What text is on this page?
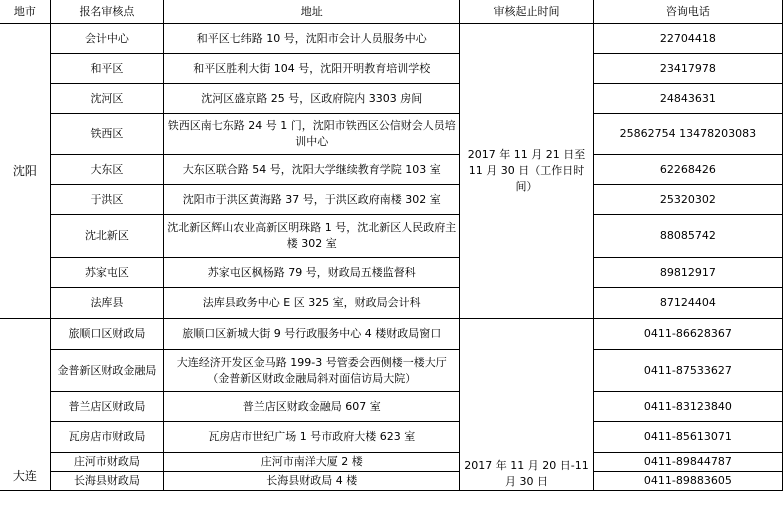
地市	报名审核点	地址	审核起止时间	咨询电话
沈阳	会计中心	和平区七纬路 10 号，沈阳市会计人员服务中心	2017 年 11 月 21 日至 11 月 30 日（工作日时间）	22704418
	和平区	和平区胜利大街 104 号，沈阳开明教育培训学校		23417978
	沈河区	沈河区盛京路 25 号，区政府院内 3303 房间		24843631
	铁西区	铁西区南七东路 24 号 1 门，沈阳市铁西区公信财会人员培训中心		25862754 13478203083
	大东区	大东区联合路 54 号，沈阳大学继续教育学院 103 室		62268426
	于洪区	沈阳市于洪区黄海路 37 号，于洪区政府南楼 302 室		25320302
	沈北新区	沈北新区辉山农业高新区明珠路 1 号，沈北新区人民政府主楼 302 室		88085742
	苏家屯区	苏家屯区枫杨路 79 号，财政局五楼监督科		89812917
	法库县	法库县政务中心 E 区 325 室，财政局会计科		87124404
大连	旅顺口区财政局	旅顺口区新城大街 9 号行政服务中心 4 楼财政局窗口	2017 年 11 月 20 日-11 月 30 日	0411-86628367
	金普新区财政金融局	大连经济开发区金马路 199-3 号管委会西侧楼一楼大厅（金普新区财政金融局斜对面信访局大院）		0411-87533627
	普兰店区财政局	普兰店区财政金融局 607 室		0411-83123840
	瓦房店市财政局	瓦房店市世纪广场 1 号市政府大楼 623 室		0411-85613071
	庄河市财政局	庄河市南洋大厦 2 楼		0411-89844787
	长海县财政局	长海县财政局 4 楼		0411-89883605
